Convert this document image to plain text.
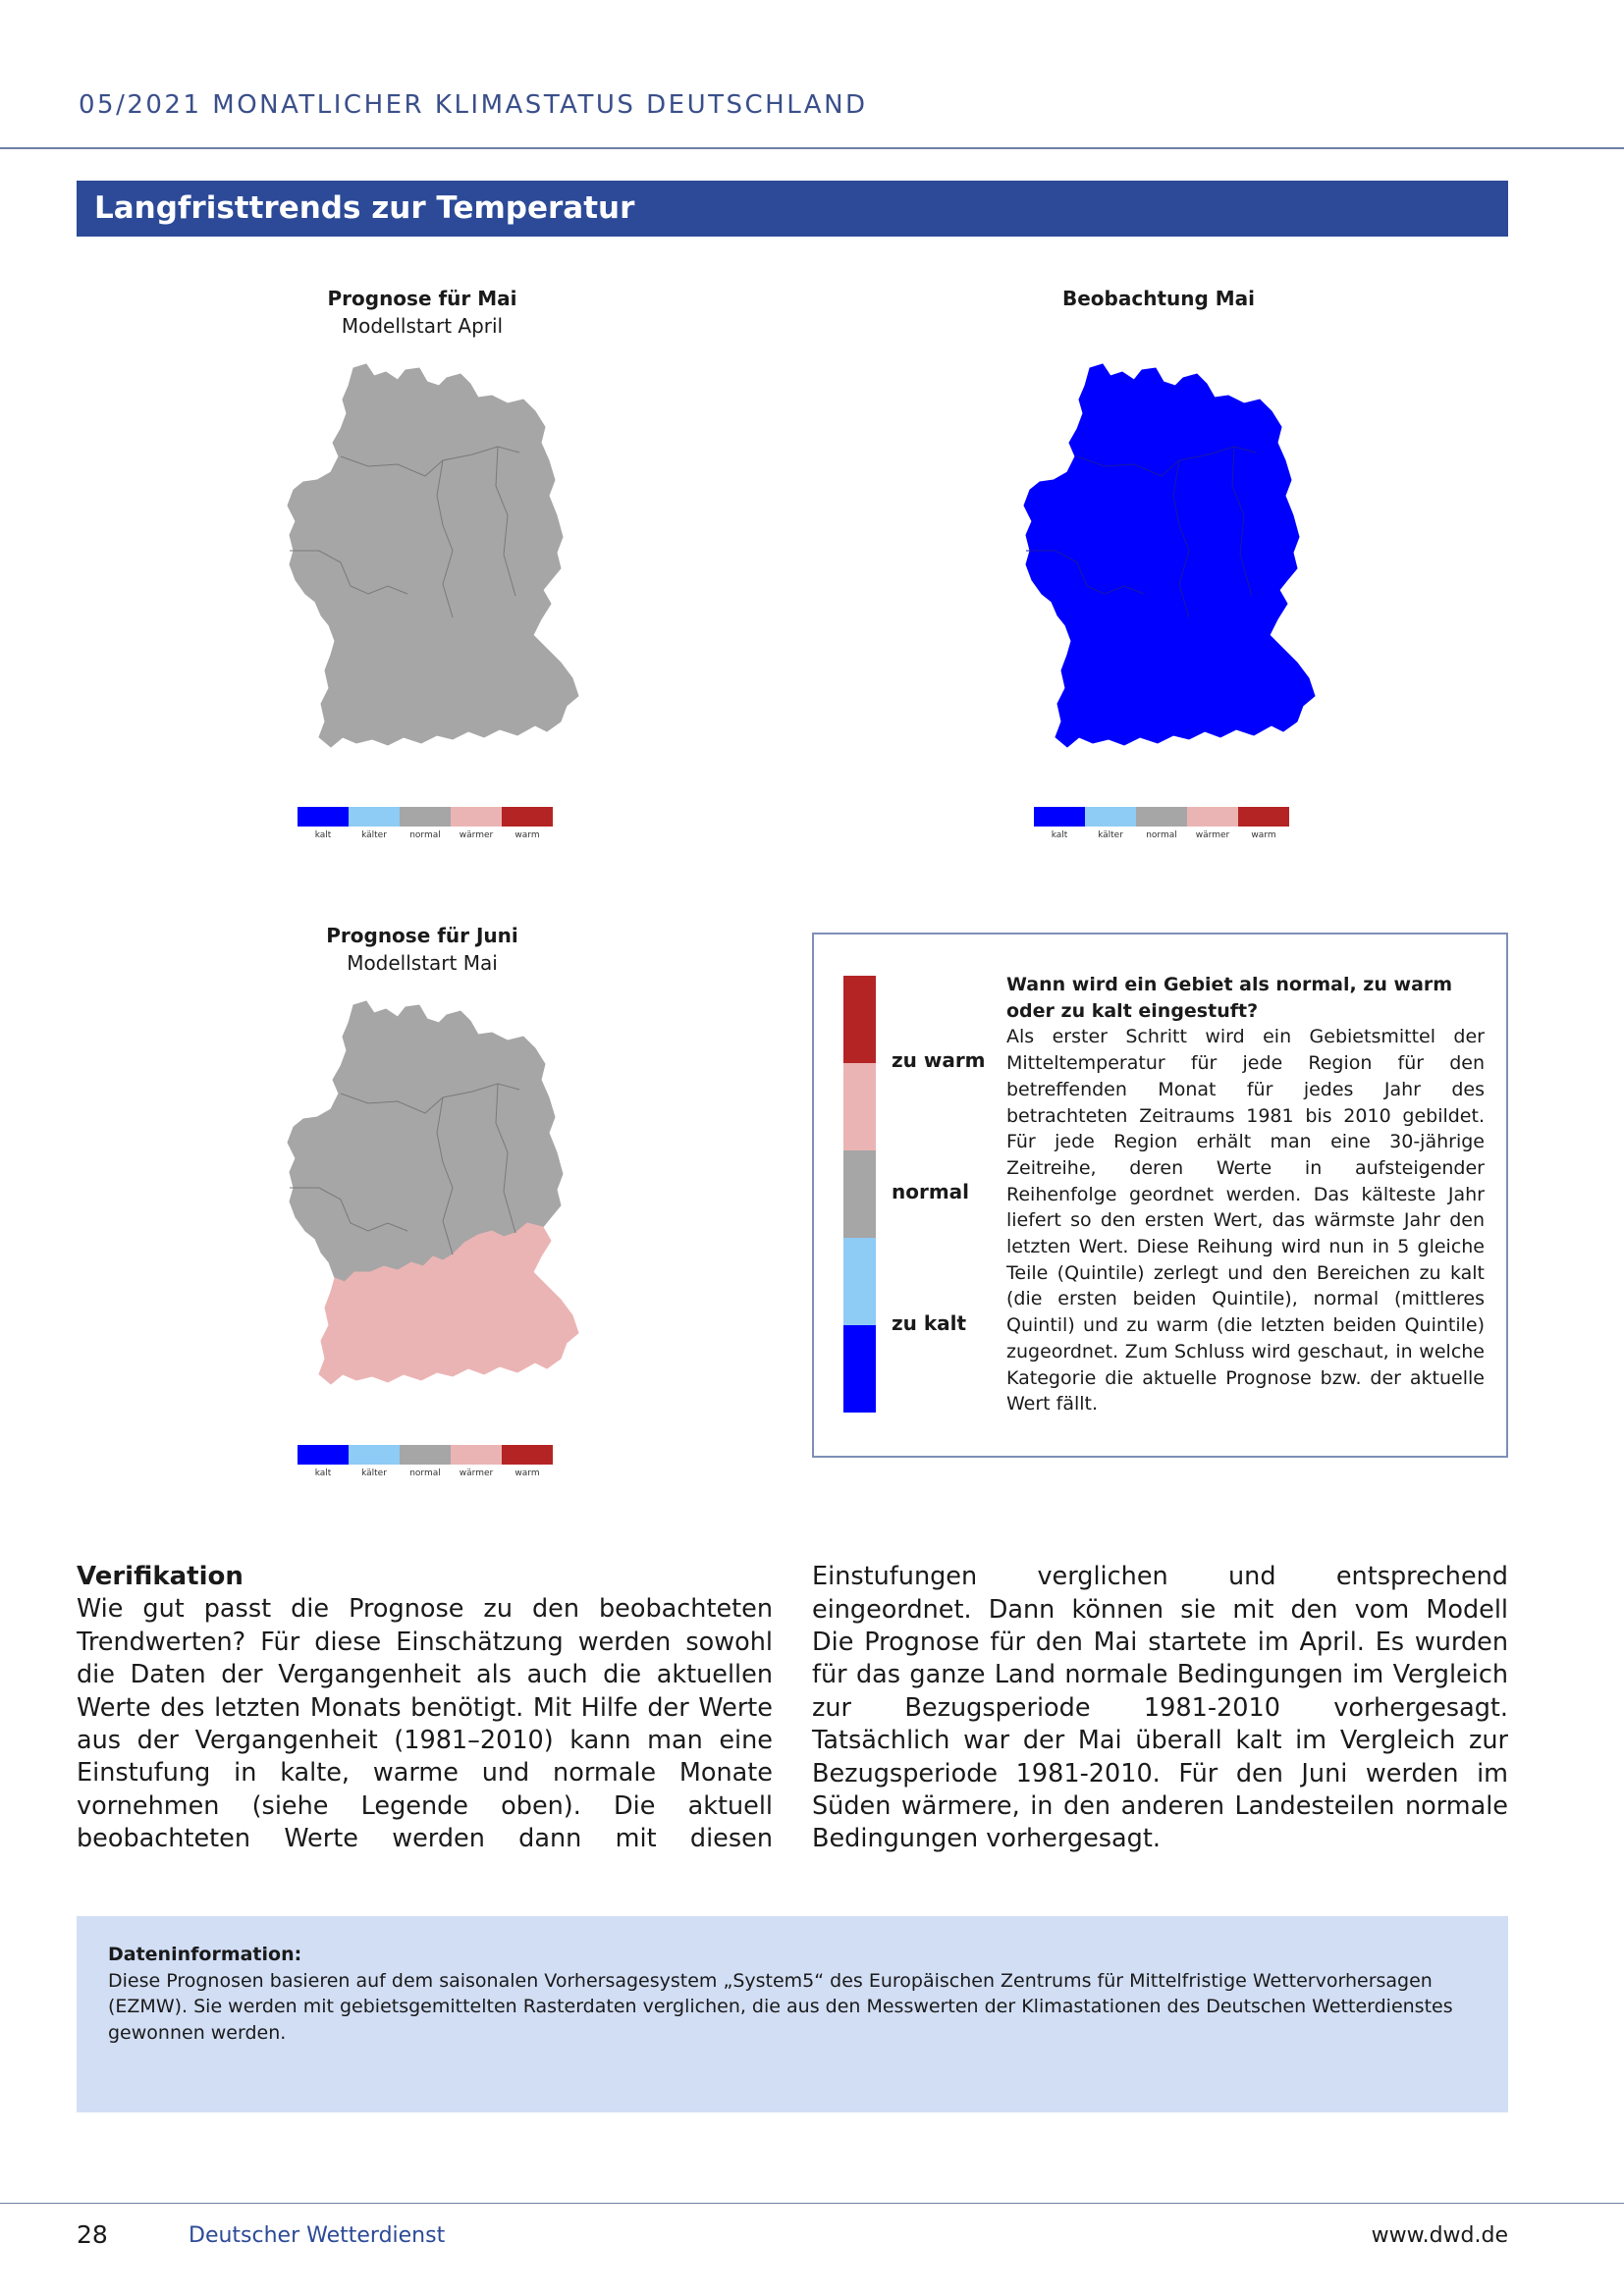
05/2021 MONATLICHER KLIMASTATUS DEUTSCHLAND
Langfristtrends zur Temperatur
Prognose für Mai
Modellstart April
kalt	kälter	normal	wärmer	warm
Beobachtung Mai
kalt	kälter	normal	wärmer	warm
Prognose für Juni
Modellstart Mai
kalt	kälter	normal	wärmer	warm
zu warm
normal
zu kalt
Wann wird ein Gebiet als normal, zu warm oder zu kalt eingestuft?
Als erster Schritt wird ein Gebietsmittel der Mitteltemperatur für jede Region für den betreffenden Monat für jedes Jahr des betrachteten Zeitraums 1981 bis 2010 gebildet. Für jede Region erhält man eine 30-jährige Zeitreihe, deren Werte in aufsteigender Reihenfolge geordnet werden. Das kälteste Jahr liefert so den ersten Wert, das wärmste Jahr den letzten Wert. Diese Reihung wird nun in 5 gleiche Teile (Quintile) zerlegt und den Bereichen zu kalt (die ersten beiden Quintile), normal (mittleres Quintil) und zu warm (die letzten beiden Quintile) zugeordnet. Zum Schluss wird geschaut, in welche Kategorie die aktuelle Prognose bzw. der aktuelle Wert fällt.
Verifikation
Wie gut passt die Prognose zu den beobachteten Trendwerten? Für diese Einschätzung werden sowohl die Daten der Vergangenheit als auch die aktuellen Werte des letzten Monats benötigt. Mit Hilfe der Werte aus der Vergangenheit (1981–2010) kann man eine Einstufung in kalte, warme und normale Monate vornehmen (siehe Legende oben). Die aktuell beobachteten Werte werden dann mit diesen
Einstufungen verglichen und entsprechend eingeordnet. Dann können sie mit den vom Modell
Die Prognose für den Mai startete im April. Es wurden für das ganze Land normale Bedingungen im Vergleich zur Bezugsperiode 1981-2010 vorhergesagt. Tatsächlich war der Mai überall kalt im Vergleich zur Bezugsperiode 1981-2010. Für den Juni werden im Süden wärmere, in den anderen Landesteilen normale Bedingungen vorhergesagt.
Dateninformation:
Diese Prognosen basieren auf dem saisonalen Vorhersagesystem „System5“ des Europäischen Zentrums für Mittelfristige Wettervorhersagen (EZMW). Sie werden mit gebietsgemittelten Rasterdaten verglichen, die aus den Messwerten der Klimastationen des Deutschen Wetterdienstes gewonnen werden.
28	Deutscher Wetterdienst	www.dwd.de
